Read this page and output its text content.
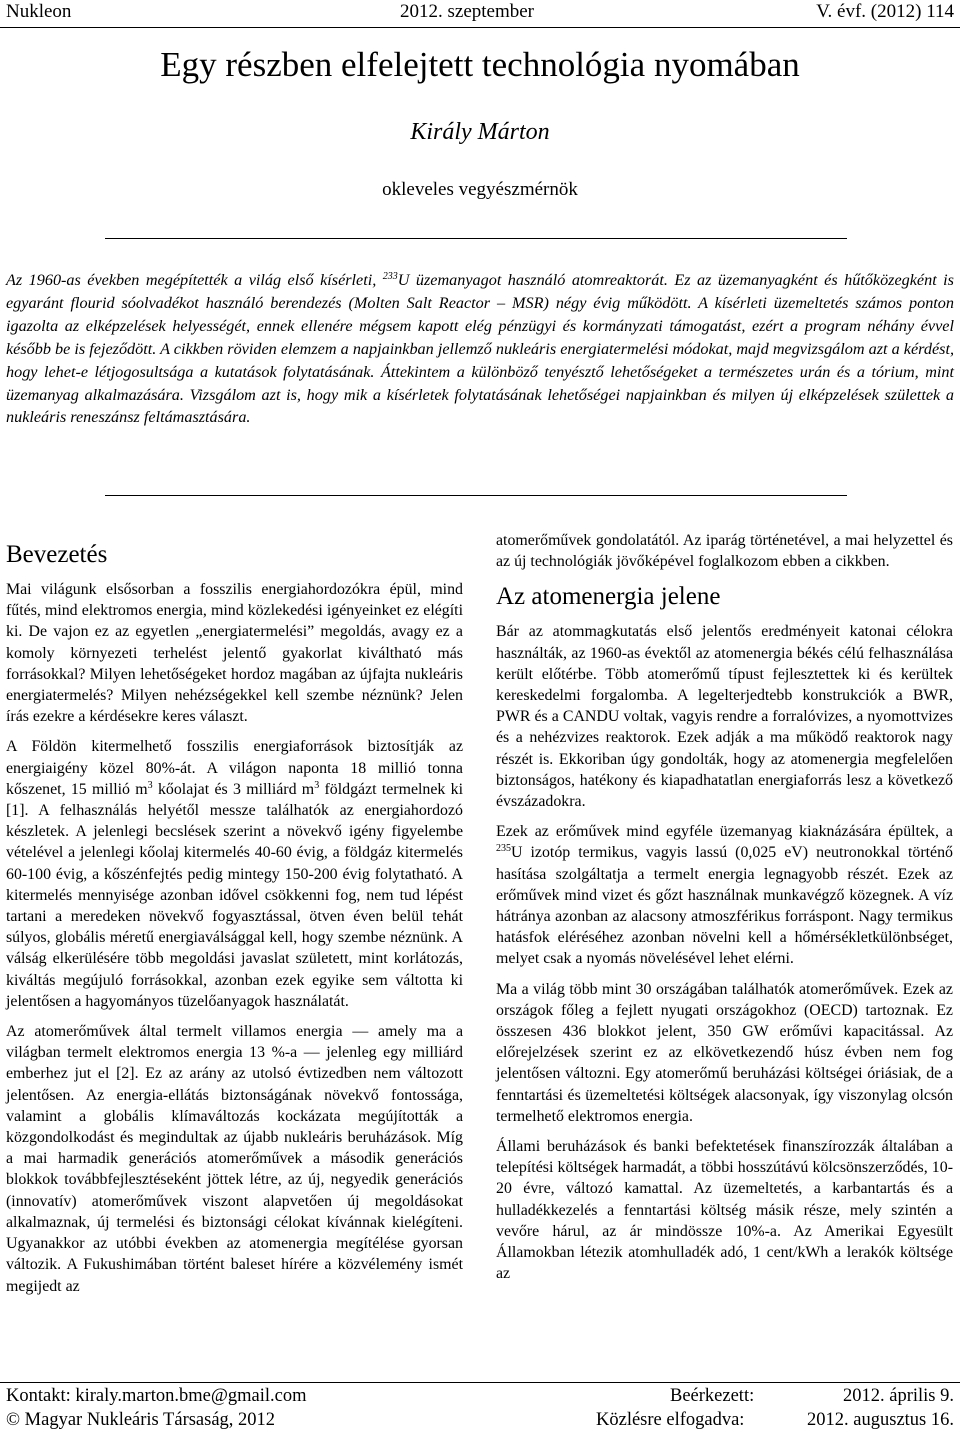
Nukleon	2012. szeptember	V. évf. (2012) 114
Egy részben elfelejtett technológia nyomában
Király Márton
okleveles vegyészmérnök

Az 1960-as években megépítették a világ első kísérleti, $^{233}$U üzemanyagot használó atomreaktorát. Ez az üzemanyagként és hűtőközegként is egyaránt flourid sóolvadékot használó berendezés (Molten Salt Reactor – MSR) négy évig működött. A kísérleti üzemeltetés számos ponton igazolta az elképzelések helyességét, ennek ellenére mégsem kapott elég pénzügyi és kormányzati támogatást, ezért a program néhány évvel később be is fejeződött. A cikkben röviden elemzem a napjainkban jellemző nukleáris energiatermelési módokat, majd megvizsgálom azt a kérdést, hogy lehet-e létjogosultsága a kutatások folytatásának. Áttekintem a különböző tenyésztő lehetőségeket a természetes urán és a tórium, mint üzemanyag alkalmazására. Vizsgálom azt is, hogy mik a kísérletek folytatásának lehetőségei napjainkban és milyen új elképzelések születtek a nukleáris reneszánsz feltámasztására.

Bevezetés

Mai világunk elsősorban a fosszilis energiahordozókra épül, mind fűtés, mind elektromos energia, mind közlekedési igényeinket ez elégíti ki. De vajon ez az egyetlen „energiatermelési” megoldás, avagy ez a komoly környezeti terhelést jelentő gyakorlat kiváltható más forrásokkal? Milyen lehetőségeket hordoz magában az újfajta nukleáris energiatermelés? Milyen nehézségekkel kell szembe néznünk? Jelen írás ezekre a kérdésekre keres választ.

A Földön kitermelhető fosszilis energiaforrások biztosítják az energiaigény közel 80%-át. A világon naponta 18 millió tonna kőszenet, 15 millió $m^3$ kőolajat és 3 milliárd $m^3$ földgázt termelnek ki [1]. A felhasználás helyétől messze találhatók az energiahordozó készletek. A jelenlegi becslések szerint a növekvő igény figyelembe vételével a jelenlegi kőolaj kitermelés 40-60 évig, a földgáz kitermelés 60-100 évig, a kőszénfejtés pedig mintegy 150-200 évig folytatható. A kitermelés mennyisége azonban idővel csökkenni fog, nem tud lépést tartani a meredeken növekvő fogyasztással, ötven éven belül tehát súlyos, globális méretű energiaválsággal kell, hogy szembe néznünk. A válság elkerülésére több megoldási javaslat született, mint korlátozás, kiváltás megújuló forrásokkal, azonban ezek egyike sem váltotta ki jelentősen a hagyományos tüzelőanyagok használatát.

Az atomerőművek által termelt villamos energia — amely ma a világban termelt elektromos energia 13 %-a — jelenleg egy milliárd emberhez jut el [2]. Ez az arány az utolsó évtizedben nem változott jelentősen. Az energia-ellátás biztonságának növekvő fontossága, valamint a globális klímaváltozás kockázata megújították a közgondolkodást és megindultak az újabb nukleáris beruházások. Míg a mai harmadik generációs atomerőművek a második generációs blokkok továbbfejlesztéseként jöttek létre, az új, negyedik generációs (innovatív) atomerőművek viszont alapvetően új megoldásokat alkalmaznak, új termelési és biztonsági célokat kívánnak kielégíteni. Ugyanakkor az utóbbi években az atomenergia megítélése gyorsan változik. A Fukushimában történt baleset hírére a közvélemény ismét megijedt az

atomerőművek gondolatától. Az iparág történetével, a mai helyzettel és az új technológiák jövőképével foglalkozom ebben a cikkben.

Az atomenergia jelene

Bár az atommagkutatás első jelentős eredményeit katonai célokra használták, az 1960-as évektől az atomenergia békés célú felhasználása került előtérbe. Több atomerőmű típust fejlesztettek ki és kerültek kereskedelmi forgalomba. A legelterjedtebb konstrukciók a BWR, PWR és a CANDU voltak, vagyis rendre a forralóvizes, a nyomottvizes és a nehézvizes reaktorok. Ezek adják a ma működő reaktorok nagy részét is. Ekkoriban úgy gondolták, hogy az atomenergia megfelelően biztonságos, hatékony és kiapadhatatlan energiaforrás lesz a következő évszázadokra.

Ezek az erőművek mind egyféle üzemanyag kiaknázására épültek, a $^{235}$U izotóp termikus, vagyis lassú (0,025 eV) neutronokkal történő hasítása szolgáltatja a termelt energia legnagyobb részét. Ezek az erőművek mind vizet és gőzt használnak munkavégző közegnek. A víz hátránya azonban az alacsony atmoszférikus forráspont. Nagy termikus hatásfok eléréséhez azonban növelni kell a hőmérsékletkülönbséget, melyet csak a nyomás növelésével lehet elérni.

Ma a világ több mint 30 országában találhatók atomerőművek. Ezek az országok főleg a fejlett nyugati országokhoz (OECD) tartoznak. Ez összesen 436 blokkot jelent, 350 GW erőművi kapacitással. Az előrejelzések szerint ez az elkövetkezendő húsz évben nem fog jelentősen változni. Egy atomerőmű beruházási költségei óriásiak, de a fenntartási és üzemeltetési költségek alacsonyak, így viszonylag olcsón termelhető elektromos energia.

Állami beruházások és banki befektetések finanszírozzák általában a telepítési költségek harmadát, a többi hosszútávú kölcsönszerződés, 10-20 évre, változó kamattal. Az üzemeltetés, a karbantartás és a hulladékkezelés a fenntartási költség másik része, mely szintén a vevőre hárul, az ár mindössze 10%-a. Az Amerikai Egyesült Államokban létezik atomhulladék adó, 1 cent/kWh a lerakók költsége az

Kontakt: kiraly.marton.bme@gmail.com	Beérkezett:	2012. április 9.
© Magyar Nukleáris Társaság, 2012	Közlésre elfogadva:	2012. augusztus 16.
